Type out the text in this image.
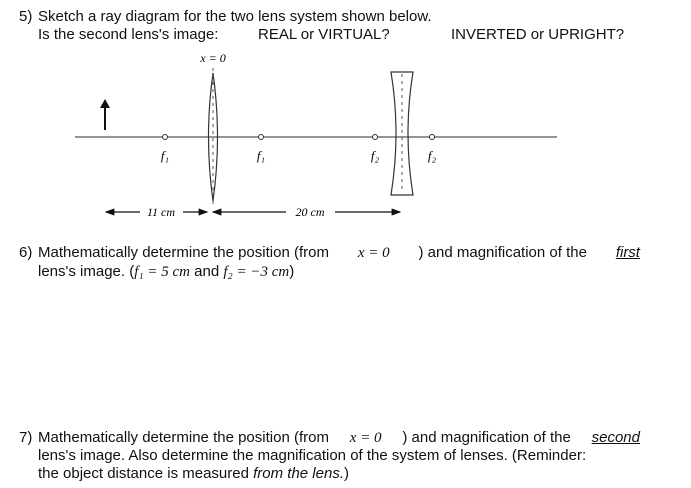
5) Sketch a ray diagram for the two lens system shown below.
Is the second lens's image:	REAL or VIRTUAL?	INVERTED or UPRIGHT?
x = 0
f₁	f₁	f₂	f₂
11 cm	20 cm
6) Mathematically determine the position (from x = 0 ) and magnification of the first
lens's image. (f₁ = 5 cm and f₂ = −3 cm)
7) Mathematically determine the position (from x = 0 ) and magnification of the second
lens's image. Also determine the magnification of the system of lenses. (Reminder:
the object distance is measured from the lens.)
